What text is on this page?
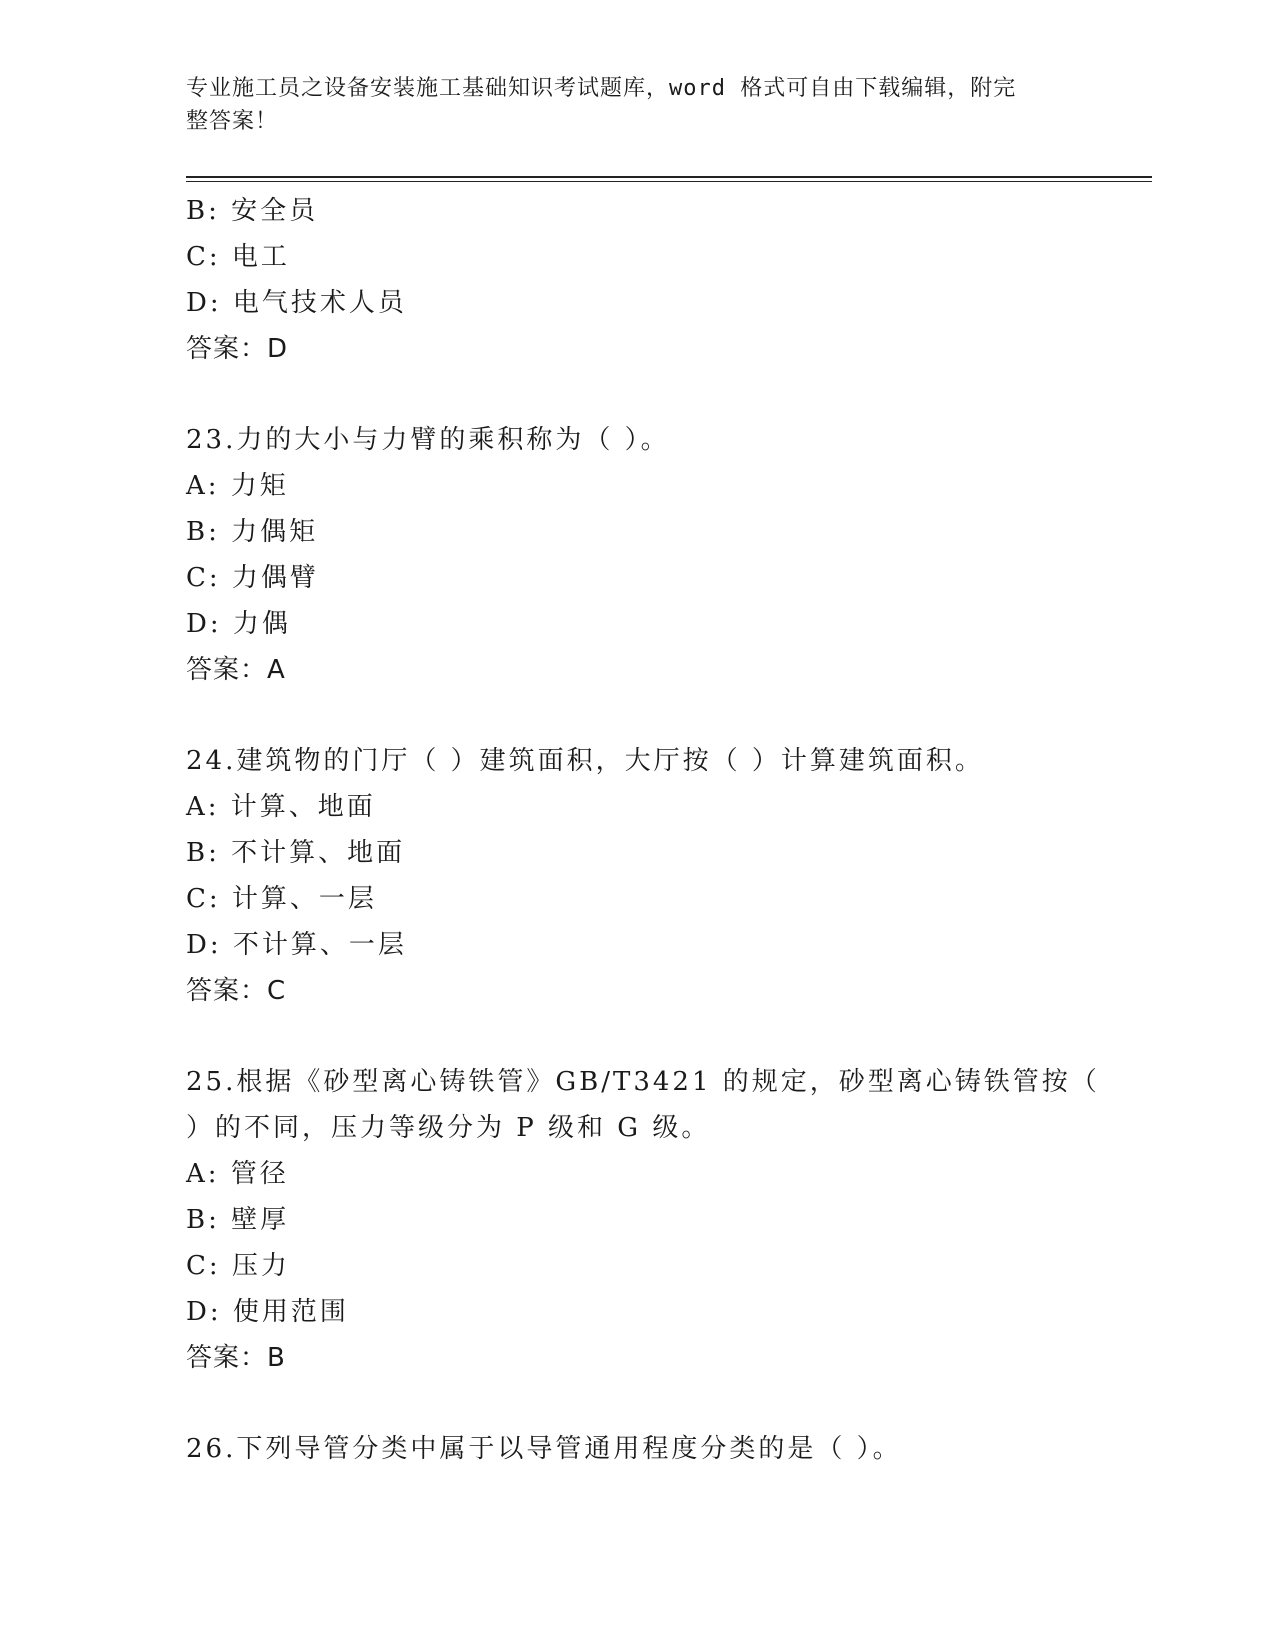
专业施工员之设备安装施工基础知识考试题库，word 格式可自由下载编辑，附完
整答案！
B: 安全员
C: 电工
D: 电气技术人员
答案：D
23.力的大小与力臂的乘积称为（ ）。
A: 力矩
B: 力偶矩
C: 力偶臂
D: 力偶
答案：A
24.建筑物的门厅（ ）建筑面积，大厅按（ ）计算建筑面积。
A: 计算、地面
B: 不计算、地面
C: 计算、一层
D: 不计算、一层
答案：C
25.根据《砂型离心铸铁管》GB/T3421 的规定，砂型离心铸铁管按（
）的不同，压力等级分为 P 级和 G 级。
A: 管径
B: 壁厚
C: 压力
D: 使用范围
答案：B
26.下列导管分类中属于以导管通用程度分类的是（ ）。
